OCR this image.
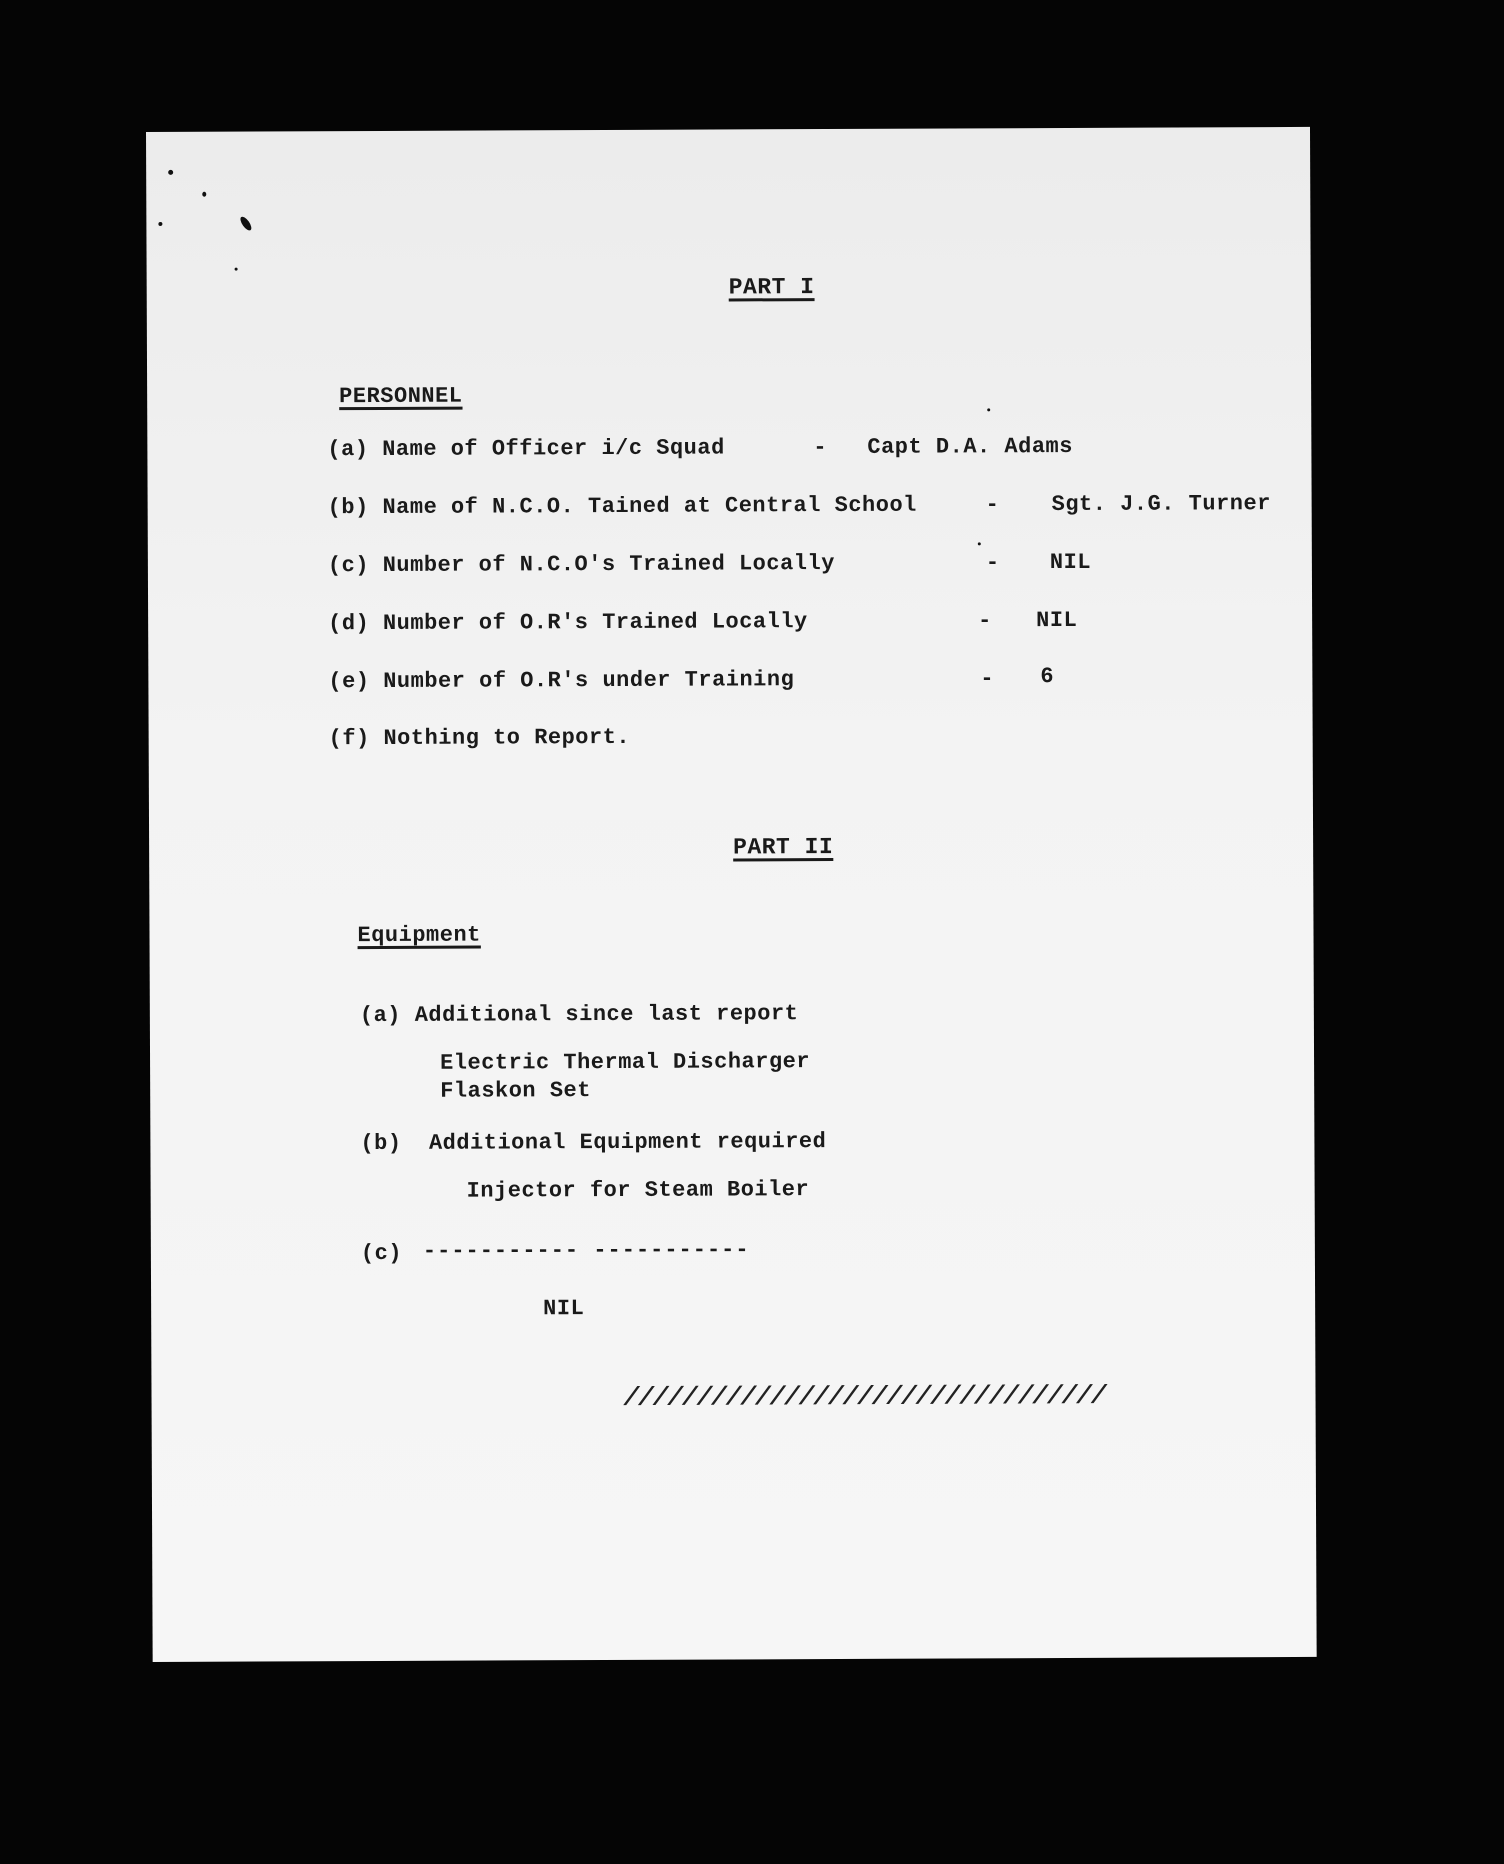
PART I
PERSONNEL
(a) Name of Officer i/c Squad	- Capt D.A. Adams
(b) Name of N.C.O. Tained at Central School	- Sgt. J.G. Turner
(c) Number of N.C.O's Trained Locally	- NIL
(d) Number of O.R's Trained Locally	- NIL
(e) Number of O.R's under Training	- 6
(f) Nothing to Report.
PART II
Equipment
(a) Additional since last report
Electric Thermal Discharger
Flaskon Set
(b)  Additional Equipment required
Injector for Steam Boiler
(c) ----------- -----------
NIL
/////////////////////////////////
